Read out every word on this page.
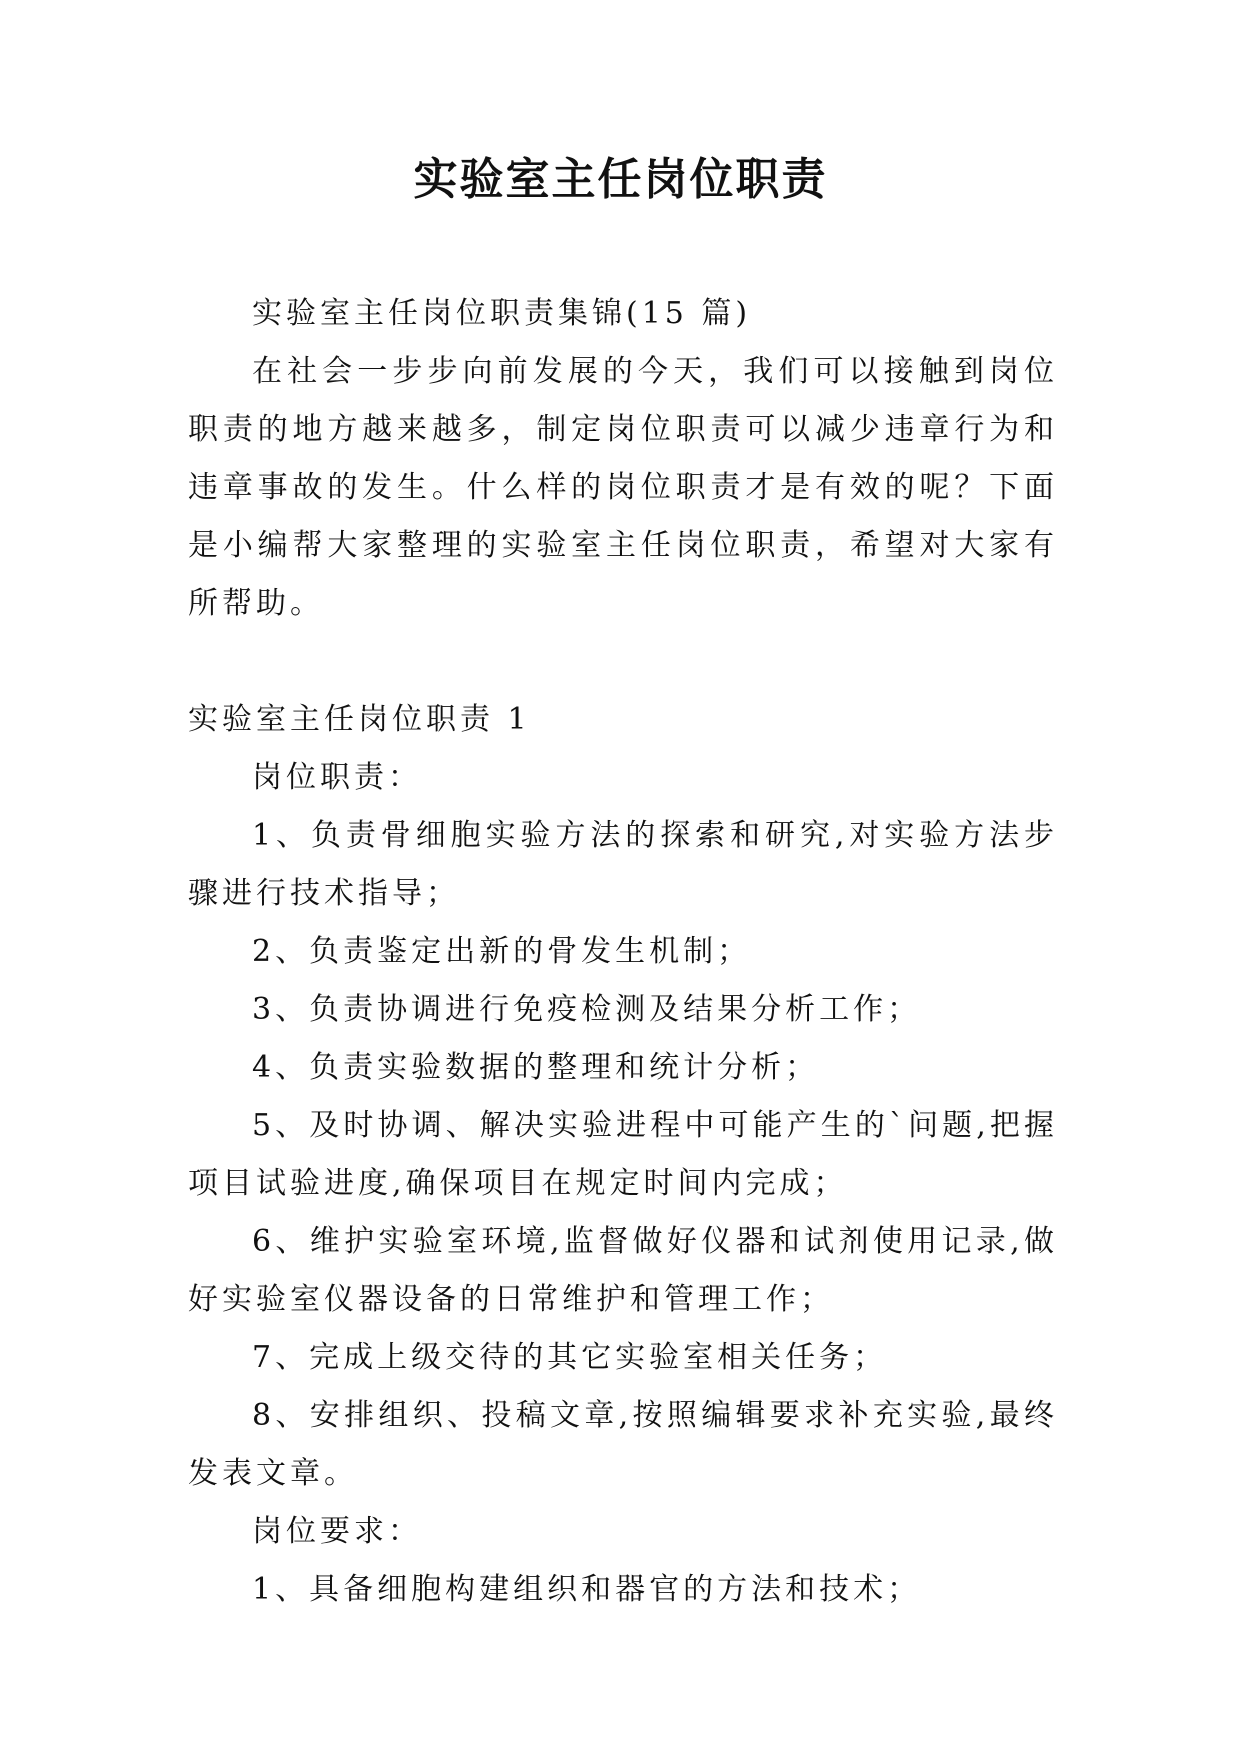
实验室主任岗位职责

实验室主任岗位职责集锦(15 篇)

在社会一步步向前发展的今天，我们可以接触到岗位职责的地方越来越多，制定岗位职责可以减少违章行为和违章事故的发生。什么样的岗位职责才是有效的呢？下面是小编帮大家整理的实验室主任岗位职责，希望对大家有所帮助。

实验室主任岗位职责 1

岗位职责：

1、负责骨细胞实验方法的探索和研究,对实验方法步骤进行技术指导；

2、负责鉴定出新的骨发生机制；

3、负责协调进行免疫检测及结果分析工作；

4、负责实验数据的整理和统计分析；

5、及时协调、解决实验进程中可能产生的`问题,把握项目试验进度,确保项目在规定时间内完成；

6、维护实验室环境,监督做好仪器和试剂使用记录,做好实验室仪器设备的日常维护和管理工作；

7、完成上级交待的其它实验室相关任务；

8、安排组织、投稿文章,按照编辑要求补充实验,最终发表文章。

岗位要求：

1、具备细胞构建组织和器官的方法和技术；
